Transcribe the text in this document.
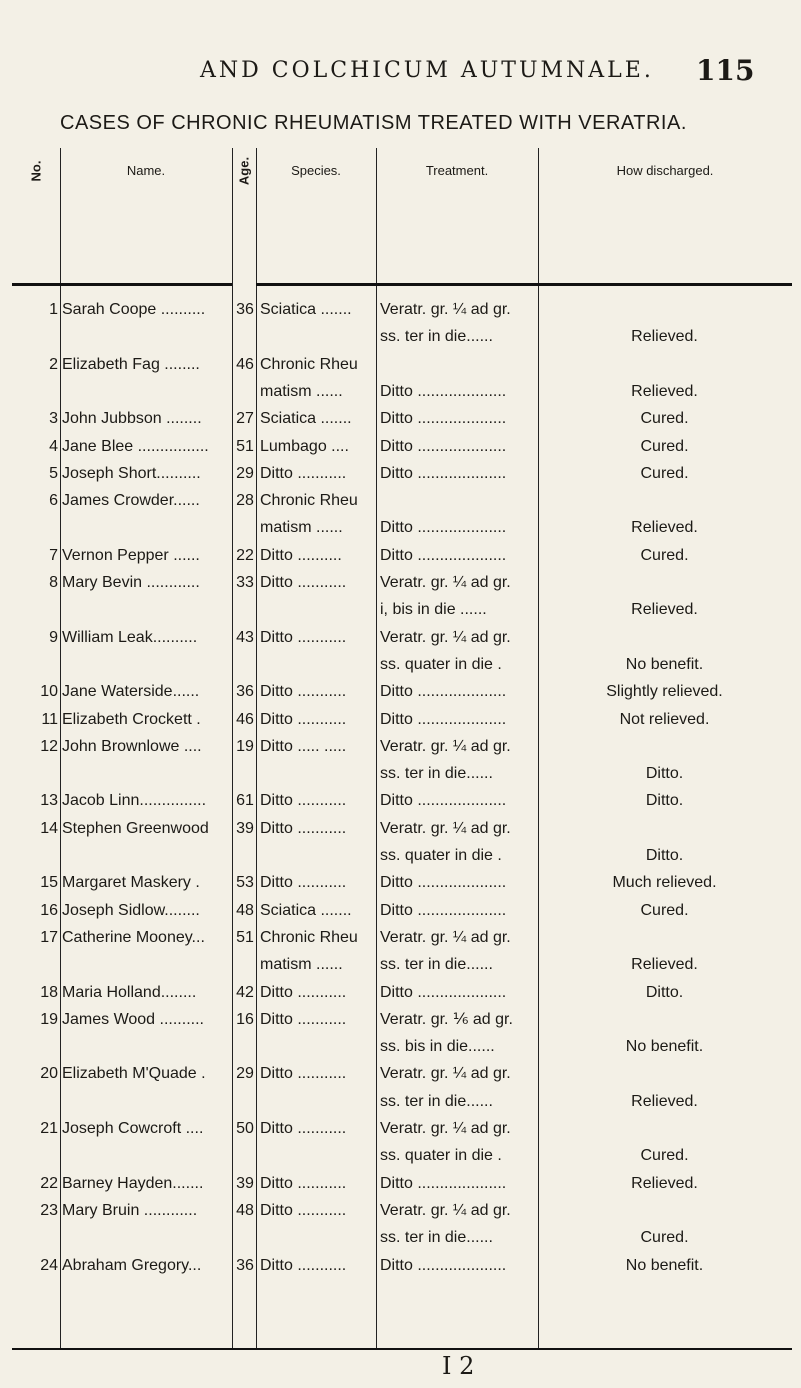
AND COLCHICUM AUTUMNALE. 115
CASES OF CHRONIC RHEUMATISM TREATED WITH VERATRIA.
No.	Name.	Age.	Species.	Treatment.	How discharged.
1 Sarah Coope ..........	36 Sciatica .......	Veratr. gr. ¼ ad gr.
ss. ter in die......	Relieved.
2 Elizabeth Fag ........	46 Chronic Rheu
matism ......	Ditto ....................	Relieved.
3 John Jubbson ........	27 Sciatica .......	Ditto ....................	Cured.
4 Jane Blee ................	51 Lumbago ....	Ditto ....................	Cured.
5 Joseph Short..........	29 Ditto ...........	Ditto ....................	Cured.
6 James Crowder......	28 Chronic Rheu
matism ......	Ditto ....................	Relieved.
7 Vernon Pepper ......	22 Ditto ..........	Ditto ....................	Cured.
8 Mary Bevin ............	33 Ditto ...........	Veratr. gr. ¼ ad gr.
i, bis in die ......	Relieved.
9 William Leak..........	43 Ditto ...........	Veratr. gr. ¼ ad gr.
ss. quater in die .	No benefit.
10 Jane Waterside......	36 Ditto ...........	Ditto ....................	Slightly relieved.
11 Elizabeth Crockett .	46 Ditto ...........	Ditto ....................	Not relieved.
12 John Brownlowe ....	19 Ditto ..... .....	Veratr. gr. ¼ ad gr.
ss. ter in die......	Ditto.
13 Jacob Linn...............	61 Ditto ...........	Ditto ....................	Ditto.
14 Stephen Greenwood	39 Ditto ...........	Veratr. gr. ¼ ad gr.
ss. quater in die .	Ditto.
15 Margaret Maskery .	53 Ditto ...........	Ditto ....................	Much relieved.
16 Joseph Sidlow........	48 Sciatica .......	Ditto ....................	Cured.
17 Catherine Mooney...	51 Chronic Rheu	Veratr. gr. ¼ ad gr.
matism ......	ss. ter in die......	Relieved.
18 Maria Holland........	42 Ditto ...........	Ditto ....................	Ditto.
19 James Wood ..........	16 Ditto ...........	Veratr. gr. ⅙ ad gr.
ss. bis in die......	No benefit.
20 Elizabeth M'Quade .	29 Ditto ...........	Veratr. gr. ¼ ad gr.
ss. ter in die......	Relieved.
21 Joseph Cowcroft ....	50 Ditto ...........	Veratr. gr. ¼ ad gr.
ss. quater in die .	Cured.
22 Barney Hayden.......	39 Ditto ...........	Ditto ....................	Relieved.
23 Mary Bruin ............	48 Ditto ...........	Veratr. gr. ¼ ad gr.
ss. ter in die......	Cured.
24 Abraham Gregory...	36 Ditto ...........	Ditto ....................	No benefit.
I 2
